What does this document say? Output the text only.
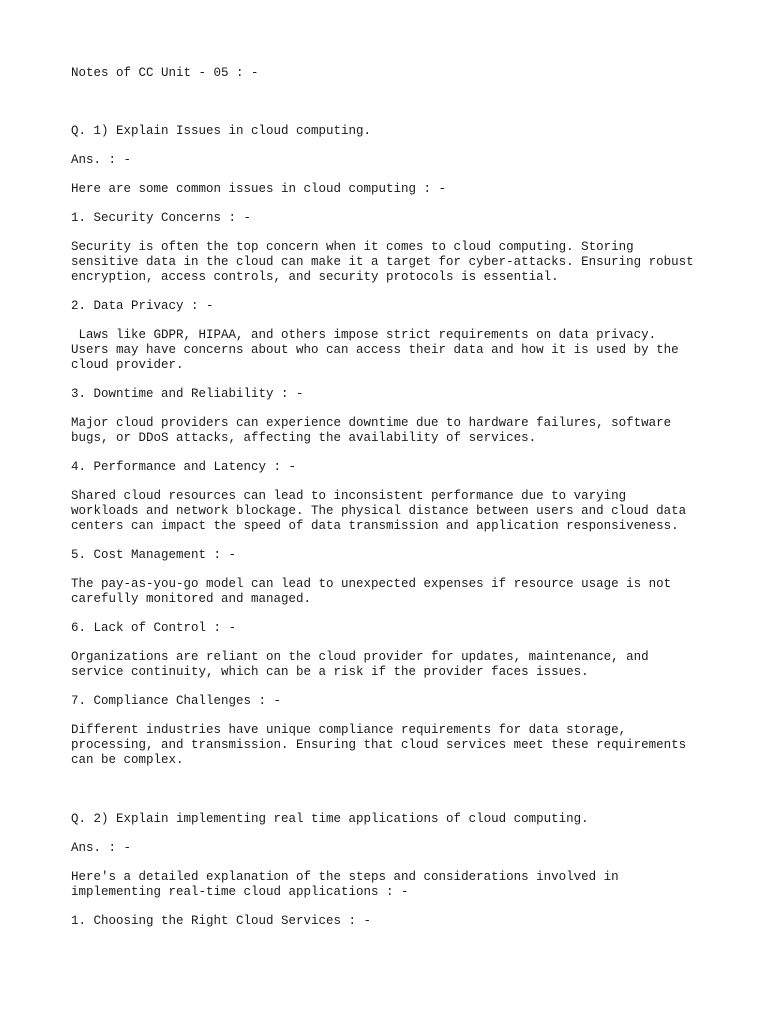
Notes of CC Unit - 05 : -

Q. 1) Explain Issues in cloud computing.

Ans. : -

Here are some common issues in cloud computing : -

1. Security Concerns : -

Security is often the top concern when it comes to cloud computing. Storing

sensitive data in the cloud can make it a target for cyber-attacks. Ensuring robust

encryption, access controls, and security protocols is essential.

2. Data Privacy : -

Laws like GDPR, HIPAA, and others impose strict requirements on data privacy.

Users may have concerns about who can access their data and how it is used by the

cloud provider.

3. Downtime and Reliability : -

Major cloud providers can experience downtime due to hardware failures, software

bugs, or DDoS attacks, affecting the availability of services.

4. Performance and Latency : -

Shared cloud resources can lead to inconsistent performance due to varying

workloads and network blockage. The physical distance between users and cloud data

centers can impact the speed of data transmission and application responsiveness.

5. Cost Management : -

The pay-as-you-go model can lead to unexpected expenses if resource usage is not

carefully monitored and managed.

6. Lack of Control : -

Organizations are reliant on the cloud provider for updates, maintenance, and

service continuity, which can be a risk if the provider faces issues.

7. Compliance Challenges : -

Different industries have unique compliance requirements for data storage,

processing, and transmission. Ensuring that cloud services meet these requirements

can be complex.

Q. 2) Explain implementing real time applications of cloud computing.

Ans. : -

Here's a detailed explanation of the steps and considerations involved in

implementing real-time cloud applications : -

1. Choosing the Right Cloud Services : -
